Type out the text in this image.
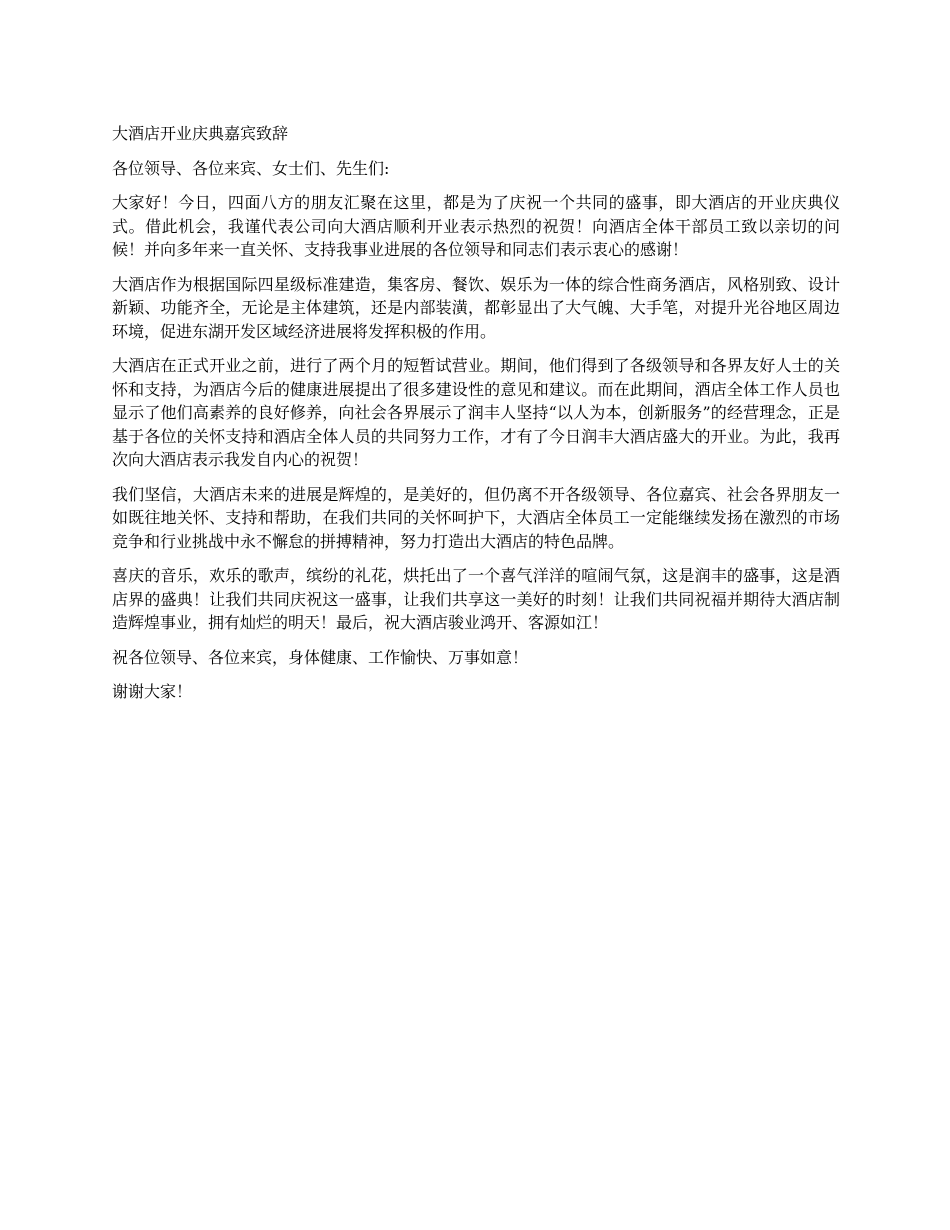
大酒店开业庆典嘉宾致辞

各位领导、各位来宾、女士们、先生们:

大家好！今日，四面八方的朋友汇聚在这里，都是为了庆祝一个共同的盛事，即大酒店的开业庆典仪式。借此机会，我谨代表公司向大酒店顺利开业表示热烈的祝贺！向酒店全体干部员工致以亲切的问候！并向多年来一直关怀、支持我事业进展的各位领导和同志们表示衷心的感谢！

大酒店作为根据国际四星级标准建造，集客房、餐饮、娱乐为一体的综合性商务酒店，风格别致、设计新颖、功能齐全，无论是主体建筑，还是内部装潢，都彰显出了大气魄、大手笔，对提升光谷地区周边环境，促进东湖开发区域经济进展将发挥积极的作用。

大酒店在正式开业之前，进行了两个月的短暂试营业。期间，他们得到了各级领导和各界友好人士的关怀和支持，为酒店今后的健康进展提出了很多建设性的意见和建议。而在此期间，酒店全体工作人员也显示了他们高素养的良好修养，向社会各界展示了润丰人坚持“以人为本，创新服务”的经营理念，正是基于各位的关怀支持和酒店全体人员的共同努力工作，才有了今日润丰大酒店盛大的开业。为此，我再次向大酒店表示我发自内心的祝贺！

我们坚信，大酒店未来的进展是辉煌的，是美好的，但仍离不开各级领导、各位嘉宾、社会各界朋友一如既往地关怀、支持和帮助，在我们共同的关怀呵护下，大酒店全体员工一定能继续发扬在激烈的市场竞争和行业挑战中永不懈怠的拼搏精神，努力打造出大酒店的特色品牌。

喜庆的音乐，欢乐的歌声，缤纷的礼花，烘托出了一个喜气洋洋的喧闹气氛，这是润丰的盛事，这是酒店界的盛典！让我们共同庆祝这一盛事，让我们共享这一美好的时刻！让我们共同祝福并期待大酒店制造辉煌事业，拥有灿烂的明天！最后，祝大酒店骏业鸿开、客源如江！

祝各位领导、各位来宾，身体健康、工作愉快、万事如意！

谢谢大家！
